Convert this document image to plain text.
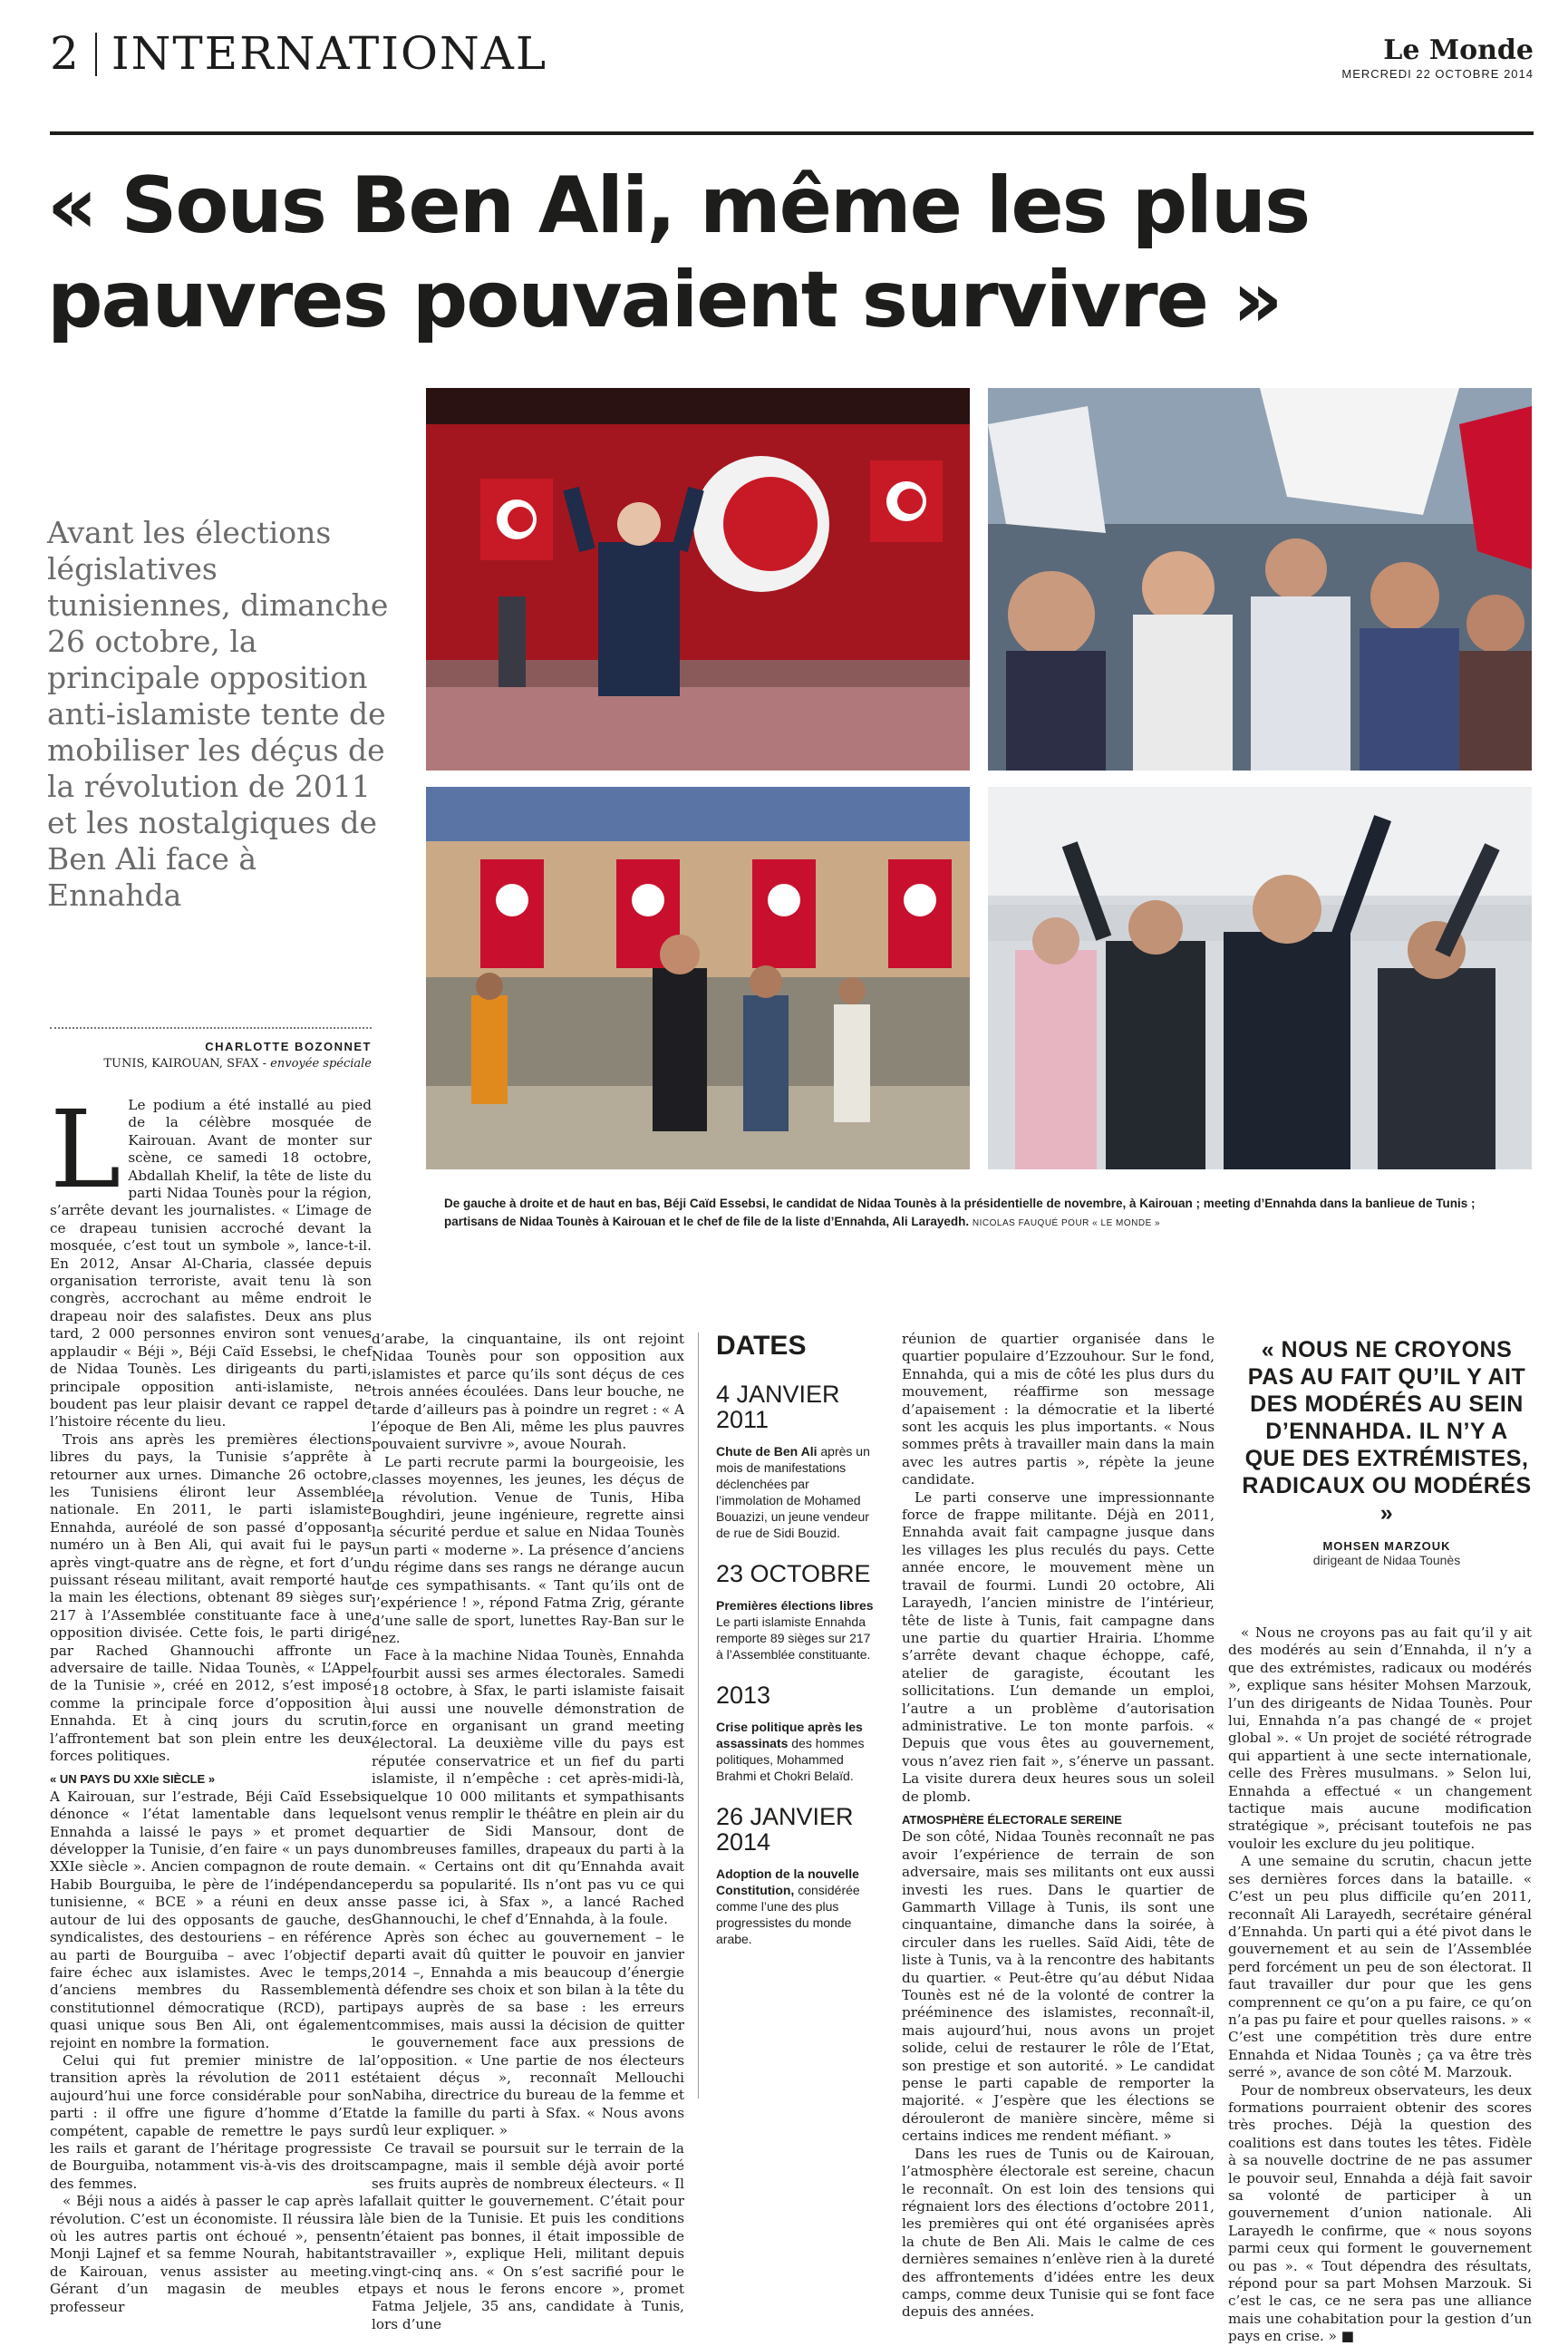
2 INTERNATIONAL	Le Monde
MERCREDI 22 OCTOBRE 2014
« Sous Ben Ali, même les plus pauvres pouvaient survivre »
Avant les élections législatives tunisiennes, dimanche 26 octobre, la principale opposition anti-islamiste tente de mobiliser les déçus de la révolution de 2011 et les nostalgiques de Ben Ali face à Ennahda
De gauche à droite et de haut en bas, Béji Caïd Essebsi, le candidat de Nidaa Tounès à la présidentielle de novembre, à Kairouan ; meeting d’Ennahda dans la banlieue de Tunis ; partisans de Nidaa Tounès à Kairouan et le chef de file de la liste d’Ennahda, Ali Larayedh. NICOLAS FAUQUÉ POUR « LE MONDE »
CHARLOTTE BOZONNET
TUNIS, KAIROUAN, SFAX - envoyée spéciale

L Le podium a été installé au pied de la célèbre mosquée de Kairouan. Avant de monter sur scène, ce samedi 18 octobre, Abdallah Khelif, la tête de liste du parti Nidaa Tounès pour la région, s’arrête devant les journalistes. « L’image de ce drapeau tunisien accroché devant la mosquée, c’est tout un symbole », lance-t-il. En 2012, Ansar Al-Charia, classée depuis organisation terroriste, avait tenu là son congrès, accrochant au même endroit le drapeau noir des salafistes. Deux ans plus tard, 2 000 personnes environ sont venues applaudir « Béji », Béji Caïd Essebsi, le chef de Nidaa Tounès. Les dirigeants du parti, principale opposition anti-islamiste, ne boudent pas leur plaisir devant ce rappel de l’histoire récente du lieu.

Trois ans après les premières élections libres du pays, la Tunisie s’apprête à retourner aux urnes. Dimanche 26 octobre, les Tunisiens éliront leur Assemblée nationale. En 2011, le parti islamiste Ennahda, auréolé de son passé d’opposant numéro un à Ben Ali, qui avait fui le pays après vingt-quatre ans de règne, et fort d’un puissant réseau militant, avait remporté haut la main les élections, obtenant 89 sièges sur 217 à l’Assemblée constituante face à une opposition divisée. Cette fois, le parti dirigé par Rached Ghannouchi affronte un adversaire de taille. Nidaa Tounès, « L’Appel de la Tunisie », créé en 2012, s’est imposé comme la principale force d’opposition à Ennahda. Et à cinq jours du scrutin, l’affrontement bat son plein entre les deux forces politiques.

« UN PAYS DU XXIe SIÈCLE »

A Kairouan, sur l’estrade, Béji Caïd Essebsi dénonce « l’état lamentable dans lequel Ennahda a laissé le pays » et promet de développer la Tunisie, d’en faire « un pays du XXIe siècle ». Ancien compagnon de route de Habib Bourguiba, le père de l’indépendance tunisienne, « BCE » a réuni en deux ans autour de lui des opposants de gauche, des syndicalistes, des destouriens – en référence au parti de Bourguiba – avec l’objectif de faire échec aux islamistes. Avec le temps, d’anciens membres du Rassemblement constitutionnel démocratique (RCD), parti quasi unique sous Ben Ali, ont également rejoint en nombre la formation.

Celui qui fut premier ministre de la transition après la révolution de 2011 est aujourd’hui une force considérable pour son parti : il offre une figure d’homme d’Etat compétent, capable de remettre le pays sur les rails et garant de l’héritage progressiste de Bourguiba, notamment vis-à-vis des droits des femmes.

« Béji nous a aidés à passer le cap après la révolution. C’est un économiste. Il réussira là où les autres partis ont échoué », pensent Monji Lajnef et sa femme Nourah, habitants de Kairouan, venus assister au meeting. Gérant d’un magasin de meubles et professeur

d’arabe, la cinquantaine, ils ont rejoint Nidaa Tounès pour son opposition aux islamistes et parce qu’ils sont déçus de ces trois années écoulées. Dans leur bouche, ne tarde d’ailleurs pas à poindre un regret : « A l’époque de Ben Ali, même les plus pauvres pouvaient survivre », avoue Nourah.

Le parti recrute parmi la bourgeoisie, les classes moyennes, les jeunes, les déçus de la révolution. Venue de Tunis, Hiba Boughdiri, jeune ingénieure, regrette ainsi la sécurité perdue et salue en Nidaa Tounès un parti « moderne ». La présence d’anciens du régime dans ses rangs ne dérange aucun de ces sympathisants. « Tant qu’ils ont de l’expérience ! », répond Fatma Zrig, gérante d’une salle de sport, lunettes Ray-Ban sur le nez.

Face à la machine Nidaa Tounès, Ennahda fourbit aussi ses armes électorales. Samedi 18 octobre, à Sfax, le parti islamiste faisait lui aussi une nouvelle démonstration de force en organisant un grand meeting électoral. La deuxième ville du pays est réputée conservatrice et un fief du parti islamiste, il n’empêche : cet après-midi-là, quelque 10 000 militants et sympathisants sont venus remplir le théâtre en plein air du quartier de Sidi Mansour, dont de nombreuses familles, drapeaux du parti à la main. « Certains ont dit qu’Ennahda avait perdu sa popularité. Ils n’ont pas vu ce qui se passe ici, à Sfax », a lancé Rached Ghannouchi, le chef d’Ennahda, à la foule.

Après son échec au gouvernement – le parti avait dû quitter le pouvoir en janvier 2014 –, Ennahda a mis beaucoup d’énergie à défendre ses choix et son bilan à la tête du pays auprès de sa base : les erreurs commises, mais aussi la décision de quitter le gouvernement face aux pressions de l’opposition. « Une partie de nos électeurs étaient déçus », reconnaît Mellouchi Nabiha, directrice du bureau de la femme et de la famille du parti à Sfax. « Nous avons dû leur expliquer. »

Ce travail se poursuit sur le terrain de la campagne, mais il semble déjà avoir porté ses fruits auprès de nombreux électeurs. « Il fallait quitter le gouvernement. C’était pour le bien de la Tunisie. Et puis les conditions n’étaient pas bonnes, il était impossible de travailler », explique Heli, militant depuis vingt-cinq ans. « On s’est sacrifié pour le pays et nous le ferons encore », promet Fatma Jeljele, 35 ans, candidate à Tunis, lors d’une

DATES
4 JANVIER 2011
Chute de Ben Ali après un mois de manifestations déclenchées par l’immolation de Mohamed Bouazizi, un jeune vendeur de rue de Sidi Bouzid.
23 OCTOBRE
Premières élections libres Le parti islamiste Ennahda remporte 89 sièges sur 217 à l’Assemblée constituante.
2013
Crise politique après les assassinats des hommes politiques, Mohammed Brahmi et Chokri Belaïd.
26 JANVIER 2014
Adoption de la nouvelle Constitution, considérée comme l’une des plus progressistes du monde arabe.

réunion de quartier organisée dans le quartier populaire d’Ezzouhour. Sur le fond, Ennahda, qui a mis de côté les plus durs du mouvement, réaffirme son message d’apaisement : la démocratie et la liberté sont les acquis les plus importants. « Nous sommes prêts à travailler main dans la main avec les autres partis », répète la jeune candidate.

Le parti conserve une impressionnante force de frappe militante. Déjà en 2011, Ennahda avait fait campagne jusque dans les villages les plus reculés du pays. Cette année encore, le mouvement mène un travail de fourmi. Lundi 20 octobre, Ali Larayedh, l’ancien ministre de l’intérieur, tête de liste à Tunis, fait campagne dans une partie du quartier Hrairia. L’homme s’arrête devant chaque échoppe, café, atelier de garagiste, écoutant les sollicitations. L’un demande un emploi, l’autre a un problème d’autorisation administrative. Le ton monte parfois. « Depuis que vous êtes au gouvernement, vous n’avez rien fait », s’énerve un passant. La visite durera deux heures sous un soleil de plomb.

ATMOSPHÈRE ÉLECTORALE SEREINE

De son côté, Nidaa Tounès reconnaît ne pas avoir l’expérience de terrain de son adversaire, mais ses militants ont eux aussi investi les rues. Dans le quartier de Gammarth Village à Tunis, ils sont une cinquantaine, dimanche dans la soirée, à circuler dans les ruelles. Saïd Aidi, tête de liste à Tunis, va à la rencontre des habitants du quartier. « Peut-être qu’au début Nidaa Tounès est né de la volonté de contrer la prééminence des islamistes, reconnaît-il, mais aujourd’hui, nous avons un projet solide, celui de restaurer le rôle de l’Etat, son prestige et son autorité. » Le candidat pense le parti capable de remporter la majorité. « J’espère que les élections se dérouleront de manière sincère, même si certains indices me rendent méfiant. »

Dans les rues de Tunis ou de Kairouan, l’atmosphère électorale est sereine, chacun le reconnaît. On est loin des tensions qui régnaient lors des élections d’octobre 2011, les premières qui ont été organisées après la chute de Ben Ali. Mais le calme de ces dernières semaines n’enlève rien à la dureté des affrontements d’idées entre les deux camps, comme deux Tunisie qui se font face depuis des années.

« NOUS NE CROYONS PAS AU FAIT QU’IL Y AIT DES MODÉRÉS AU SEIN D’ENNAHDA. IL N’Y A QUE DES EXTRÉMISTES, RADICAUX OU MODÉRÉS »
MOHSEN MARZOUK
dirigeant de Nidaa Tounès

« Nous ne croyons pas au fait qu’il y ait des modérés au sein d’Ennahda, il n’y a que des extrémistes, radicaux ou modérés », explique sans hésiter Mohsen Marzouk, l’un des dirigeants de Nidaa Tounès. Pour lui, Ennahda n’a pas changé de « projet global ». « Un projet de société rétrograde qui appartient à une secte internationale, celle des Frères musulmans. » Selon lui, Ennahda a effectué « un changement tactique mais aucune modification stratégique », précisant toutefois ne pas vouloir les exclure du jeu politique.

A une semaine du scrutin, chacun jette ses dernières forces dans la bataille. « C’est un peu plus difficile qu’en 2011, reconnaît Ali Larayedh, secrétaire général d’Ennahda. Un parti qui a été pivot dans le gouvernement et au sein de l’Assemblée perd forcément un peu de son électorat. Il faut travailler dur pour que les gens comprennent ce qu’on a pu faire, ce qu’on n’a pas pu faire et pour quelles raisons. » « C’est une compétition très dure entre Ennahda et Nidaa Tounès ; ça va être très serré », avance de son côté M. Marzouk.

Pour de nombreux observateurs, les deux formations pourraient obtenir des scores très proches. Déjà la question des coalitions est dans toutes les têtes. Fidèle à sa nouvelle doctrine de ne pas assumer le pouvoir seul, Ennahda a déjà fait savoir sa volonté de participer à un gouvernement d’union nationale. Ali Larayedh le confirme, que « nous soyons parmi ceux qui forment le gouvernement ou pas ». « Tout dépendra des résultats, répond pour sa part Mohsen Marzouk. Si c’est le cas, ce ne sera pas une alliance mais une cohabitation pour la gestion d’un pays en crise. » ■
